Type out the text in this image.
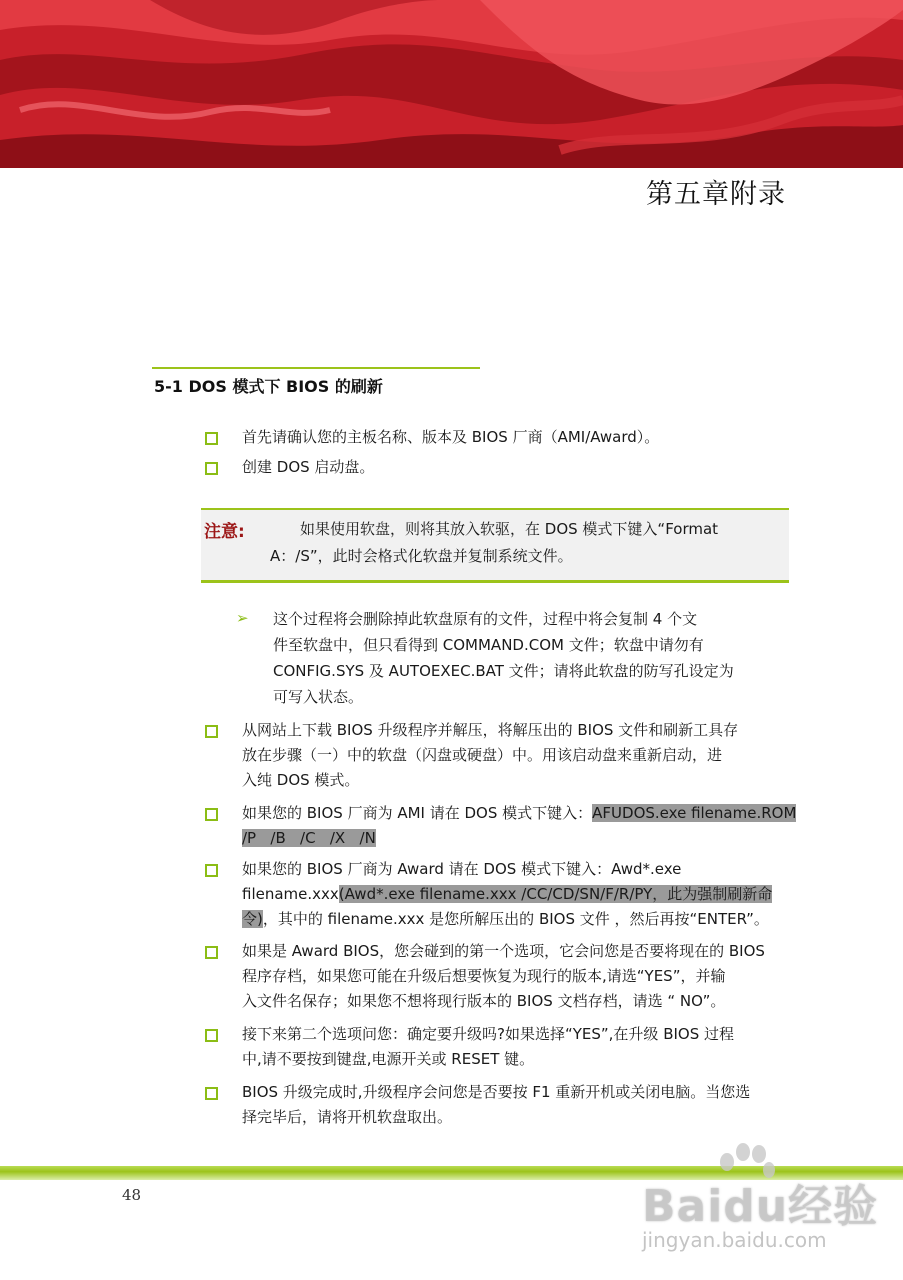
第五章附录
5-1 DOS 模式下 BIOS 的刷新
首先请确认您的主板名称、版本及 BIOS 厂商（AMI/Award）。
创建 DOS 启动盘。
注意:	如果使用软盘，则将其放入软驱，在 DOS 模式下键入“Format
A：/S”，此时会格式化软盘并复制系统文件。
➢ 这个过程将会删除掉此软盘原有的文件，过程中将会复制 4 个文
件至软盘中，但只看得到 COMMAND.COM 文件；软盘中请勿有
CONFIG.SYS 及 AUTOEXEC.BAT 文件；请将此软盘的防写孔设定为
可写入状态。
从网站上下载 BIOS 升级程序并解压，将解压出的 BIOS 文件和刷新工具存
放在步骤（一）中的软盘（闪盘或硬盘）中。用该启动盘来重新启动，进
入纯 DOS 模式。
如果您的 BIOS 厂商为 AMI 请在 DOS 模式下键入：AFUDOS.exe filename.ROM
/P   /B   /C   /X   /N
如果您的 BIOS 厂商为 Award 请在 DOS 模式下键入：Awd*.exe
filename.xxx(Awd*.exe filename.xxx /CC/CD/SN/F/R/PY，此为强制刷新命
令)，其中的 filename.xxx 是您所解压出的 BIOS 文件 ，然后再按“ENTER”。
如果是 Award BIOS，您会碰到的第一个选项，它会问您是否要将现在的 BIOS
程序存档，如果您可能在升级后想要恢复为现行的版本,请选“YES”，并输
入文件名保存；如果您不想将现行版本的 BIOS 文档存档，请选 “ NO”。
接下来第二个选项问您：确定要升级吗?如果选择“YES”,在升级 BIOS 过程
中,请不要按到键盘,电源开关或 RESET 键。
BIOS 升级完成时,升级程序会问您是否要按 F1 重新开机或关闭电脑。当您选
择完毕后，请将开机软盘取出。
48	Baidu经验
jingyan.baidu.com
